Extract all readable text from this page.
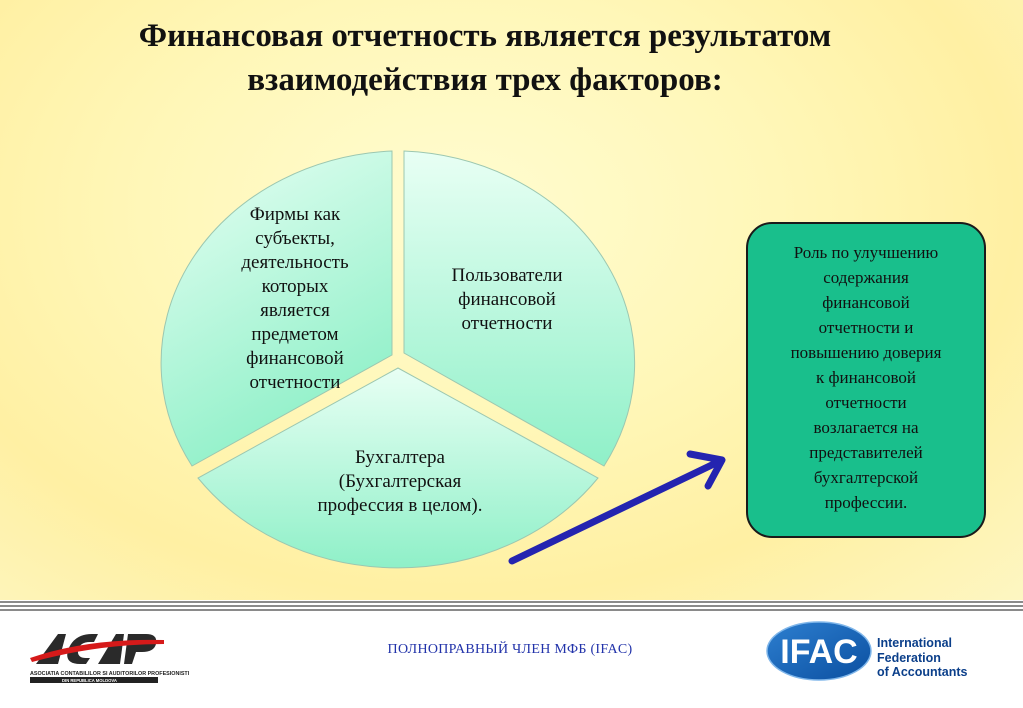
Финансовая отчетность является результатом
взаимодействия трех факторов:
Фирмы как
субъекты,
деятельность
которых
является
предметом
финансовой
отчетности
Пользователи
финансовой
отчетности
Бухгалтера
(Бухгалтерская
профессия в целом).
Роль по улучшению
содержания
финансовой
отчетности и
повышению доверия
к финансовой
отчетности
возлагается на
представителей
бухгалтерской
профессии.
ASOCIATIA CONTABILILOR SI AUDITORILOR PROFESIONISTI
DIN REPUBLICA MOLDOVA
ПОЛНОПРАВНЫЙ ЧЛЕН МФБ (IFAC)	IFAC International
Federation
of Accountants
